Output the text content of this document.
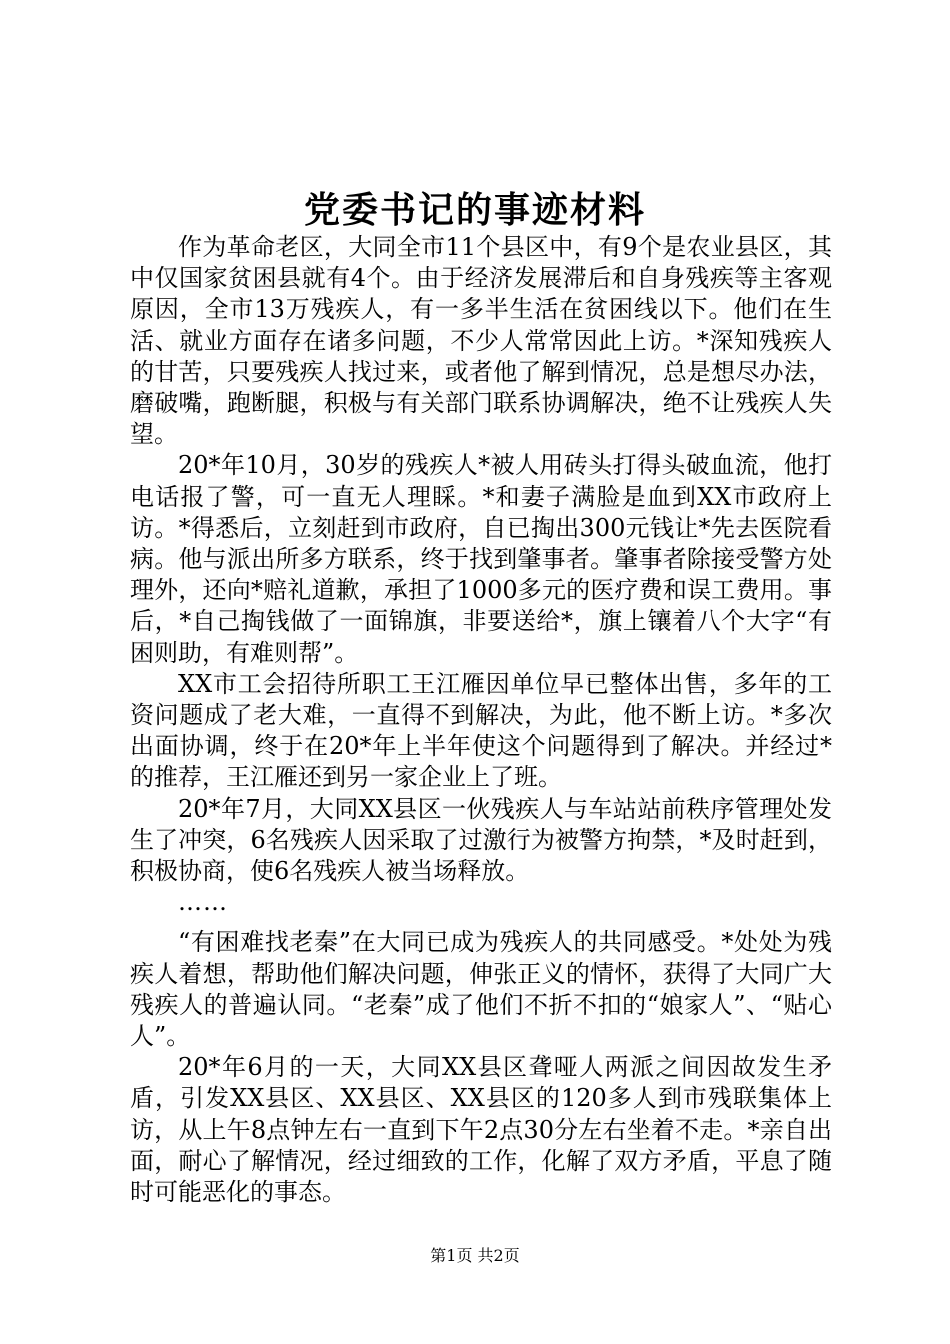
党委书记的事迹材料

作为革命老区，大同全市11个县区中，有9个是农业县区，其中仅国家贫困县就有4个。由于经济发展滞后和自身残疾等主客观原因，全市13万残疾人，有一多半生活在贫困线以下。他们在生活、就业方面存在诸多问题，不少人常常因此上访。*深知残疾人的甘苦，只要残疾人找过来，或者他了解到情况，总是想尽办法，磨破嘴，跑断腿，积极与有关部门联系协调解决，绝不让残疾人失望。

20*年10月，30岁的残疾人*被人用砖头打得头破血流，他打电话报了警，可一直无人理睬。*和妻子满脸是血到XX市政府上访。*得悉后，立刻赶到市政府，自已掏出300元钱让*先去医院看病。他与派出所多方联系，终于找到肇事者。肇事者除接受警方处理外，还向*赔礼道歉，承担了1000多元的医疗费和误工费用。事后，*自己掏钱做了一面锦旗，非要送给*，旗上镶着八个大字“有困则助，有难则帮”。

XX市工会招待所职工王江雁因单位早已整体出售，多年的工资问题成了老大难，一直得不到解决，为此，他不断上访。*多次出面协调，终于在20*年上半年使这个问题得到了解决。并经过*的推荐，王江雁还到另一家企业上了班。

20*年7月，大同XX县区一伙残疾人与车站站前秩序管理处发生了冲突，6名残疾人因采取了过激行为被警方拘禁，*及时赶到，积极协商，使6名残疾人被当场释放。

……

“有困难找老秦”在大同已成为残疾人的共同感受。*处处为残疾人着想，帮助他们解决问题，伸张正义的情怀，获得了大同广大残疾人的普遍认同。“老秦”成了他们不折不扣的“娘家人”、“贴心人”。

20*年6月的一天，大同XX县区聋哑人两派之间因故发生矛盾，引发XX县区、XX县区、XX县区的120多人到市残联集体上访，从上午8点钟左右一直到下午2点30分左右坐着不走。*亲自出面，耐心了解情况，经过细致的工作，化解了双方矛盾，平息了随时可能恶化的事态。

第1页 共2页
